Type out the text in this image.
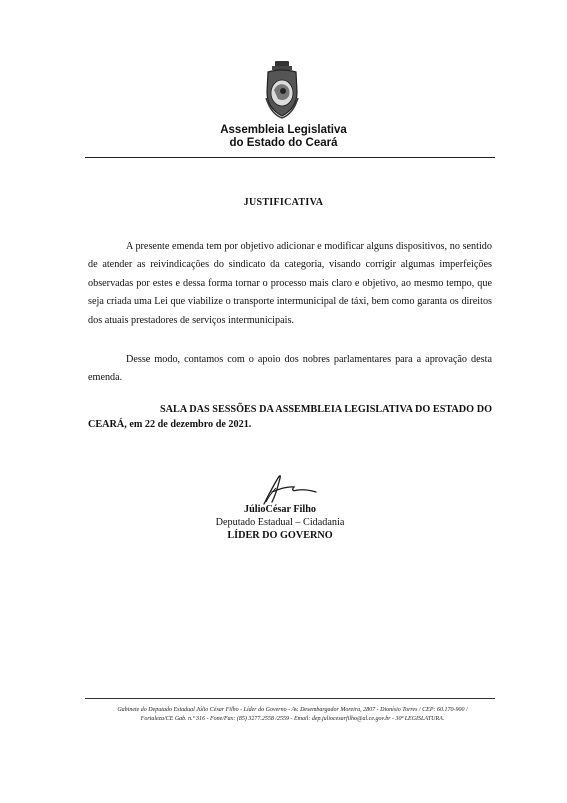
Assembleia Legislativa
do Estado do Ceará
JUSTIFICATIVA

A presente emenda tem por objetivo adicionar e modificar alguns dispositivos, no sentido de atender as reivindicações do sindicato da categoria, visando corrigir algumas imperfeições observadas por estes e dessa forma tornar o processo mais claro e objetivo, ao mesmo tempo, que seja criada uma Lei que viabilize o transporte intermunicipal de táxi, bem como garanta os direitos dos atuais prestadores de serviços intermunicipais.

Desse modo, contamos com o apoio dos nobres parlamentares para a aprovação desta emenda.

SALA DAS SESSÕES DA ASSEMBLEIA LEGISLATIVA DO ESTADO DO CEARÁ, em 22 de dezembro de 2021.

JúlioCésar Filho
Deputado Estadual – Cidadania
LÍDER DO GOVERNO
Gabinete do Deputado Estadual Júlio César Filho - Líder do Governo - Av. Desembargador Moreira, 2807 - Dionísio Torres / CEP: 60.170-900 /
Fortaleza/CE Gab. n.º 316 - Fone/Fax: (85) 3277.2558 /2559 - Email: dep.juliocesarfilho@al.ce.gov.br - 30ª LEGISLATURA.
